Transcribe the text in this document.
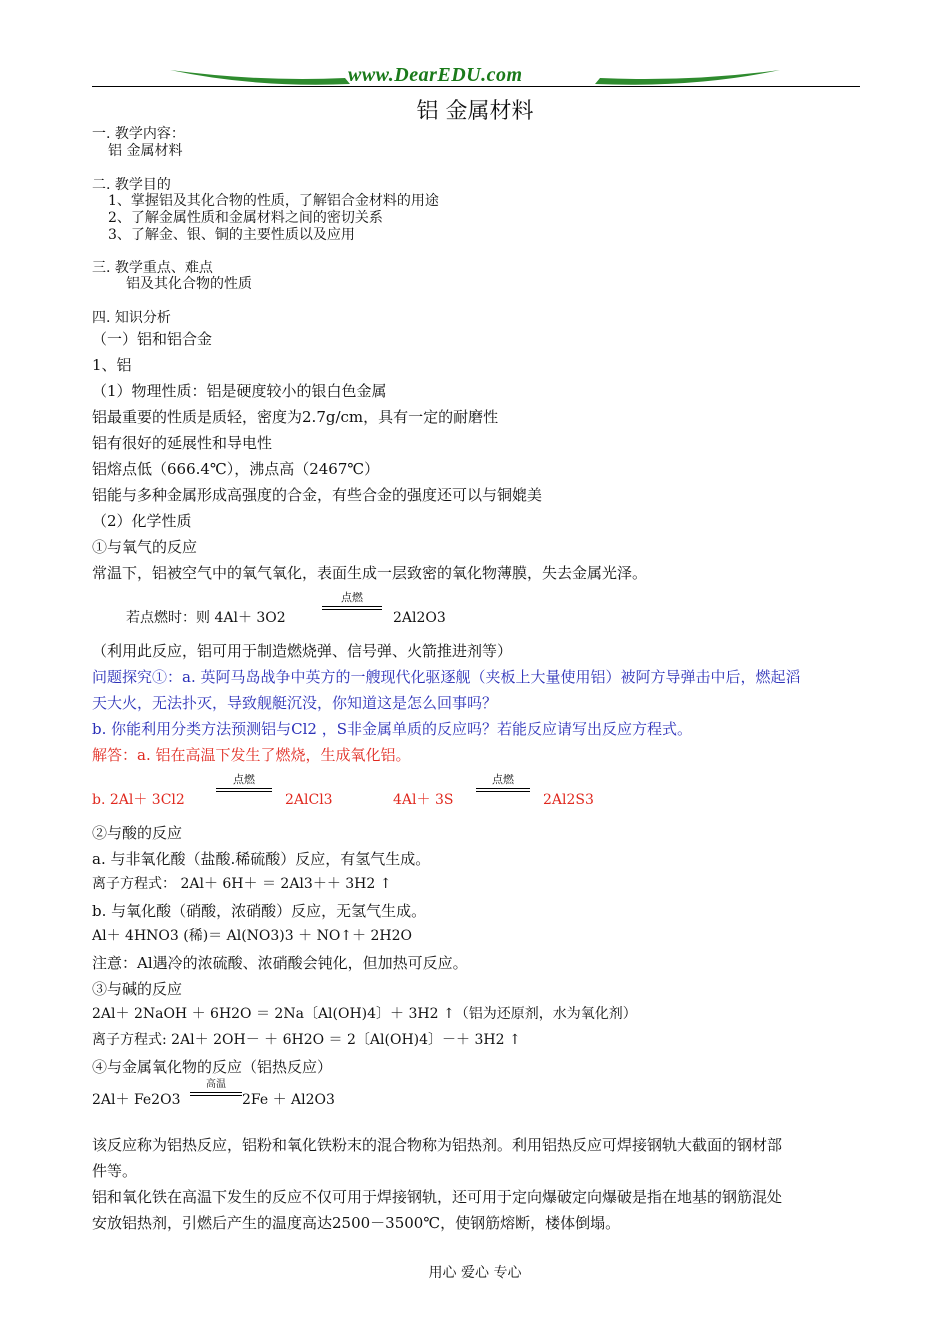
www.DearEDU.com
铝 金属材料
一. 教学内容：
铝 金属材料
二. 教学目的
1、掌握铝及其化合物的性质，了解铝合金材料的用途
2、了解金属性质和金属材料之间的密切关系
3、了解金、银、铜的主要性质以及应用
三. 教学重点、难点
铝及其化合物的性质
四. 知识分析
（一）铝和铝合金
1、铝
（1）物理性质：铝是硬度较小的银白色金属
铝最重要的性质是质轻，密度为2.7g/cm，具有一定的耐磨性
铝有很好的延展性和导电性
铝熔点低（666.4℃），沸点高（2467℃）
铝能与多种金属形成高强度的合金，有些合金的强度还可以与铜媲美
（2）化学性质
①与氧气的反应
常温下，铝被空气中的氧气氧化，表面生成一层致密的氧化物薄膜，失去金属光泽。
若点燃时：则 4Al＋ 3O2
点燃
2Al2O3
（利用此反应，铝可用于制造燃烧弹、信号弹、火箭推进剂等）
问题探究①：a. 英阿马岛战争中英方的一艘现代化驱逐舰（夹板上大量使用铝）被阿方导弹击中后，燃起滔
天大火，无法扑灭，导致舰艇沉没，你知道这是怎么回事吗？
b. 你能利用分类方法预测铝与Cl2 ，S非金属单质的反应吗？若能反应请写出反应方程式。
解答：a. 铝在高温下发生了燃烧，生成氧化铝。
b. 2Al＋ 3Cl2
点燃
2AlCl3	4Al＋ 3S
点燃
2Al2S3
②与酸的反应
a. 与非氧化酸（盐酸.稀硫酸）反应，有氢气生成。
离子方程式： 2Al＋ 6H＋ ＝ 2Al3＋＋ 3H2 ↑
b. 与氧化酸（硝酸，浓硝酸）反应，无氢气生成。
Al＋ 4HNO3 (稀)＝ Al(NO3)3 ＋ NO↑＋ 2H2O
注意：Al遇冷的浓硫酸、浓硝酸会钝化，但加热可反应。
③与碱的反应
2Al＋ 2NaOH ＋ 6H2O ＝ 2Na〔Al(OH)4〕＋ 3H2 ↑（铝为还原剂，水为氧化剂）
离子方程式: 2Al＋ 2OH－ ＋ 6H2O ＝ 2〔Al(OH)4〕－＋ 3H2 ↑
④与金属氧化物的反应（铝热反应）
2Al＋ Fe2O3
高温
2Fe ＋ Al2O3
该反应称为铝热反应，铝粉和氧化铁粉末的混合物称为铝热剂。利用铝热反应可焊接钢轨大截面的钢材部
件等。
铝和氧化铁在高温下发生的反应不仅可用于焊接钢轨，还可用于定向爆破定向爆破是指在地基的钢筋混处
安放铝热剂，引燃后产生的温度高达2500－3500℃，使钢筋熔断，楼体倒塌。
用心 爱心 专心
